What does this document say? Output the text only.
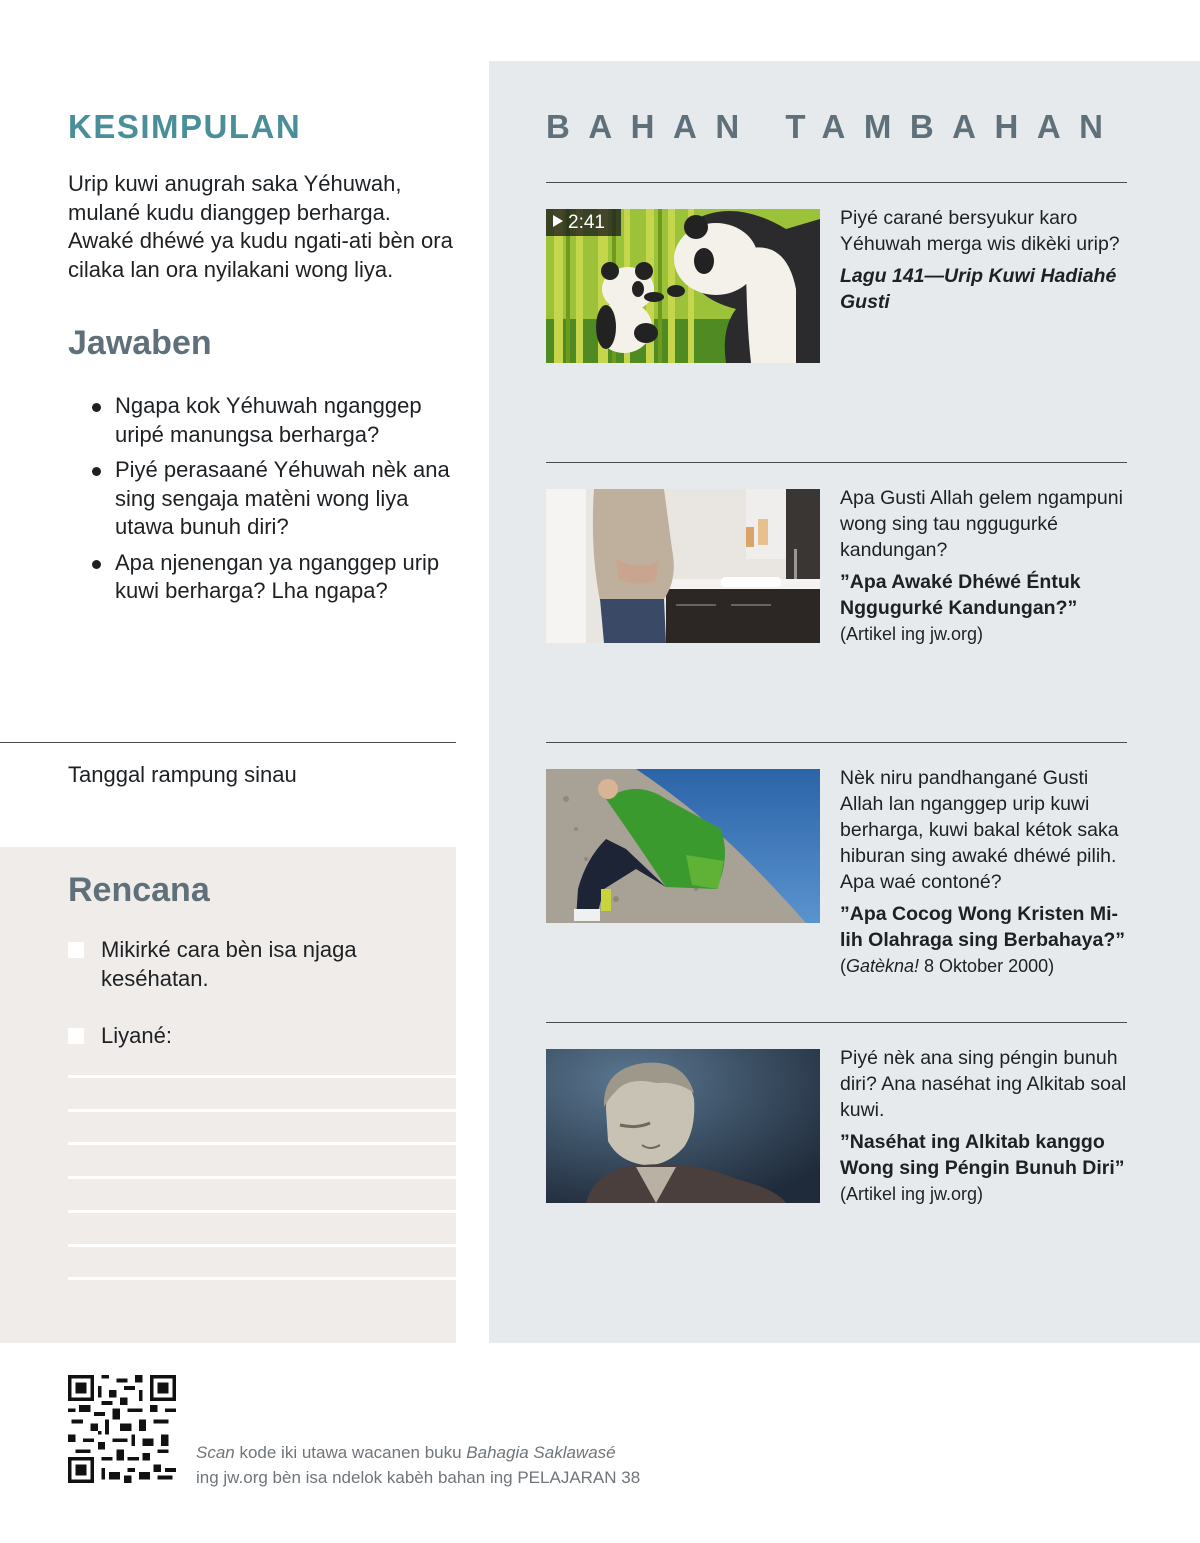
KESIMPULAN

Urip kuwi anugrah saka Yéhuwah, mulané kudu dianggep berharga. Awaké dhéwé ya kudu ngati-ati bèn ora cilaka lan ora nyilakani wong liya.

Jawaben
Ngapa kok Yéhuwah nganggep uripé manungsa berharga?
Piyé perasaané Yéhuwah nèk ana sing sengaja matèni wong liya utawa bunuh diri?
Apa njenengan ya nganggep urip kuwi berharga? Lha ngapa?
Tanggal rampung sinau
Rencana
Mikirké cara bèn isa njaga keséhatan.
Liyané:
BAHAN TAMBAHAN
2:41	Piyé carané bersyukur karo Yéhuwah merga wis dikèki urip?

Lagu 141—Urip Kuwi Hadiahé Gusti

Apa Gusti Allah gelem ngampuni wong sing tau nggugurké kandungan?

”Apa Awaké Dhéwé Éntuk Nggugurké Kandungan?”

(Artikel ing jw.org)

Nèk niru pandhangané Gusti Allah lan nganggep urip kuwi berharga, kuwi bakal kétok saka hiburan sing awaké dhéwé pilih. Apa waé contoné?

”Apa Cocog Wong Kristen Mi-lih Olahraga sing Berbahaya?”

(Gatèkna! 8 Oktober 2000)

Piyé nèk ana sing péngin bunuh diri? Ana naséhat ing Alkitab soal kuwi.

”Naséhat ing Alkitab kanggo Wong sing Péngin Bunuh Diri”

(Artikel ing jw.org)

Scan kode iki utawa wacanen buku Bahagia Saklawasé
ing jw.org bèn isa ndelok kabèh bahan ing PELAJARAN 38
